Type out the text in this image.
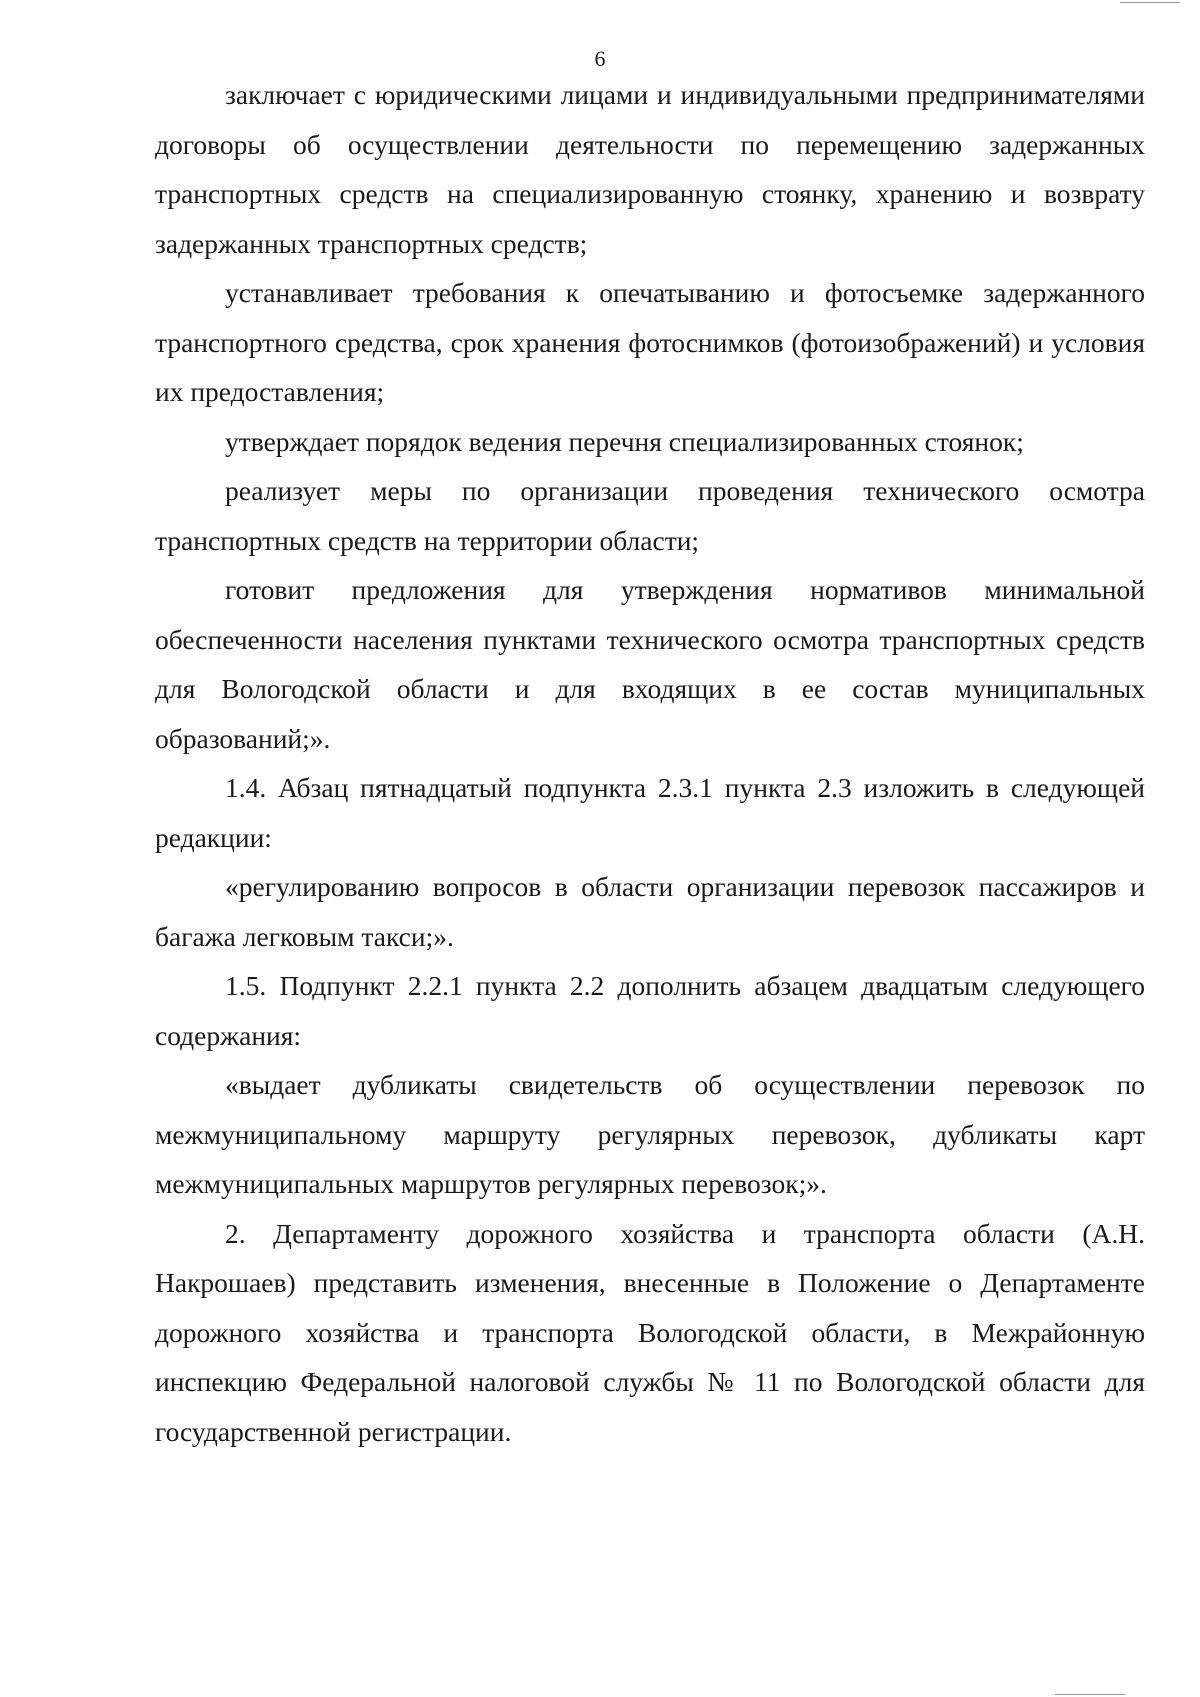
6

заключает с юридическими лицами и индивидуальными предпринимателями договоры об осуществлении деятельности по перемещению задержанных транспортных средств на специализированную стоянку, хранению и возврату задержанных транспортных средств;

устанавливает требования к опечатыванию и фотосъемке задержанного транспортного средства, срок хранения фотоснимков (фотоизображений) и условия их предоставления;

утверждает порядок ведения перечня специализированных стоянок;

реализует меры по организации проведения технического осмотра транспортных средств на территории области;

готовит предложения для утверждения нормативов минимальной обеспеченности населения пунктами технического осмотра транспортных средств для Вологодской области и для входящих в ее состав муниципальных образований;».

1.4. Абзац пятнадцатый подпункта 2.3.1 пункта 2.3 изложить в следующей редакции:

«регулированию вопросов в области организации перевозок пассажиров и багажа легковым такси;».

1.5. Подпункт 2.2.1 пункта 2.2 дополнить абзацем двадцатым следующего содержания:

«выдает дубликаты свидетельств об осуществлении перевозок по межмуниципальному маршруту регулярных перевозок, дубликаты карт межмуниципальных маршрутов регулярных перевозок;».

2. Департаменту дорожного хозяйства и транспорта области (А.Н. Накрошаев) представить изменения, внесенные в Положение о Департаменте дорожного хозяйства и транспорта Вологодской области, в Межрайонную инспекцию Федеральной налоговой службы № 11 по Вологодской области для государственной регистрации.
